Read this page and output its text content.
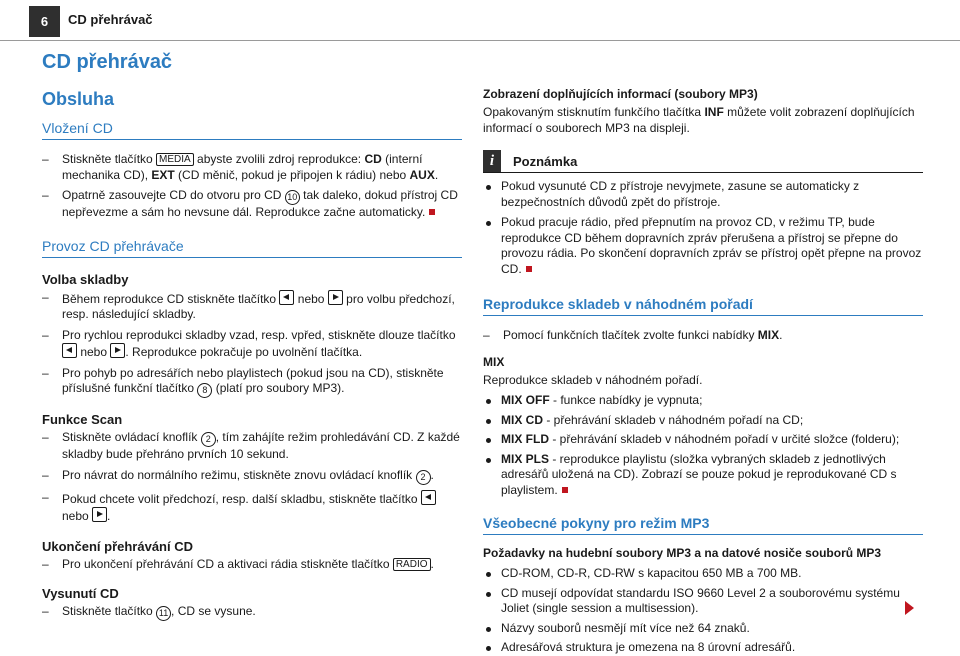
6	CD přehrávač
CD přehrávač
Obsluha
Vložení CD

– Stiskněte tlačítko MEDIA abyste zvolili zdroj reprodukce: CD (interní mechanika CD), EXT (CD měnič, pokud je připojen k rádiu) nebo AUX.

– Opatrně zasouvejte CD do otvoru pro CD 10 tak daleko, dokud přístroj CD nepřevezme a sám ho nevsune dál. Reprodukce začne automaticky.

Provoz CD přehrávače
Volba skladby

– Během reprodukce CD stiskněte tlačítko  nebo  pro volbu předchozí, resp. následující skladby.

– Pro rychlou reprodukci skladby vzad, resp. vpřed, stiskněte dlouze tlačítko  nebo . Reprodukce pokračuje po uvolnění tlačítka.

– Pro pohyb po adresářích nebo playlistech (pokud jsou na CD), stiskněte příslušné funkční tlačítko 8 (platí pro soubory MP3).

Funkce Scan

– Stiskněte ovládací knoflík 2 , tím zahájíte režim prohledávání CD. Z každé skladby bude přehráno prvních 10 sekund.

– Pro návrat do normálního režimu, stiskněte znovu ovládací knoflík 2 .

– Pokud chcete volit předchozí, resp. další skladbu, stiskněte tlačítko  nebo .

Ukončení přehrávání CD

– Pro ukončení přehrávání CD a aktivaci rádia stiskněte tlačítko RADIO .

Vysunutí CD

– Stiskněte tlačítko 11 , CD se vysune.

Zobrazení doplňujících informací (soubory MP3)

Opakovaným stisknutím funkčího tlačítka INF můžete volit zobrazení doplňujících informací o souborech MP3 na displeji.

i	Poznámka

Pokud vysunuté CD z přístroje nevyjmete, zasune se automaticky z bezpečnostních důvodů zpět do přístroje.

Pokud pracuje rádio, před přepnutím na provoz CD, v režimu TP, bude reprodukce CD během dopravních zpráv přerušena a přístroj se přepne do provozu rádia. Po skončení dopravních zpráv se přístroj opět přepne na provoz CD.

Reprodukce skladeb v náhodném pořadí

– Pomocí funkčních tlačítek zvolte funkci nabídky MIX.

MIX

Reprodukce skladeb v náhodném pořadí.

MIX OFF - funkce nabídky je vypnuta;

MIX CD - přehrávání skladeb v náhodném pořadí na CD;

MIX FLD - přehrávání skladeb v náhodném pořadí v určité složce (folderu);

MIX PLS - reprodukce playlistu (složka vybraných skladeb z jednotlivých adresářů uložená na CD). Zobrazí se pouze pokud je reprodukované CD s playlistem.

Všeobecné pokyny pro režim MP3
Požadavky na hudební soubory MP3 a na datové nosiče souborů MP3

CD-ROM, CD-R, CD-RW s kapacitou 650 MB a 700 MB.

CD musejí odpovídat standardu ISO 9660 Level 2 a souborovému systému Joliet (single session a multisession).

Názvy souborů nesmějí mít více než 64 znaků.

Adresářová struktura je omezena na 8 úrovní adresářů.
